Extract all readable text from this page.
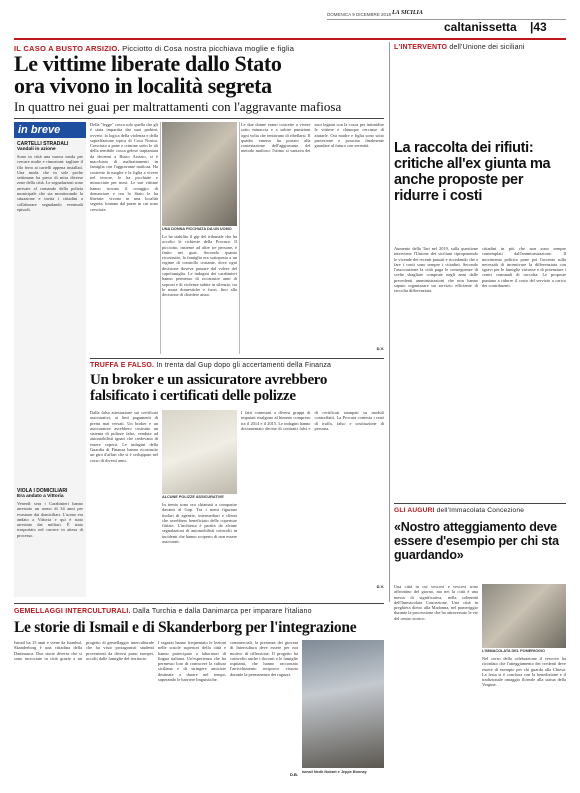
DOMENICA 9 DICEMBRE 2018 LA SICILIA
caltanissetta |43
IL CASO A BUSTO ARSIZIO. Picciotto di Cosa nostra picchiava moglie e figlia
Le vittime liberate dallo Stato
ora vivono in località segreta
In quattro nei guai per maltrattamenti con l'aggravante mafiosa
in breve
CARTELLI STRADALI
Vandali in azione
Sono in città una nuova moda per cercare multe e rimozioni: tagliare il filo ferro ai cartelli appena installati. Una moda che in sole poche settimane ha preso di mira diverse zone della città. Le segnalazioni sono arrivate al comando della polizia municipale che sta monitorando la situazione e invita i cittadini a collaborare segnalando eventuali episodi.
VIOLA I DOMICILIARI
Era andato a Vittoria
Venerdì sera i Carabinieri hanno arrestato un uomo di 34 anni per evasione dai domiciliari. L'uomo era andato a Vittoria e qui è stato arrestato dai militari. È stato trasportato nel carcere in attesa di processo.
Della "legge" cosca solo quella che gli è stata impartita dai suoi padrini, ovvero: la logica della violenza e della sopraffazione tipica di Cosa Nostra. Cresciuto a pane e crimine sotto le ali della temibile cosca gelese trapiantata da decenni a Busto Arsizio, si è macchiato di maltrattamenti in famiglia con l'aggravante mafiosa. Ha costretto la moglie e la figlia a vivere nel terrore, le ha picchiate e minacciate per mesi. Le sue vittime hanno trovato il coraggio di denunciare e ora lo Stato le ha liberate: vivono in una località segreta, lontano dal paese in cui sono cresciute.
UNA DONNA PICCHIATA DA UN UOMO
Lo ha stabilito il gip del tribunale che ha accolto le richieste della Procura. Il picciotto, insieme ad altre tre persone, è finito nei guai. Secondo quanto ricostruito, la famiglia era sottoposta a un regime di controllo costante, dove ogni decisione doveva passare dal volere del capofamiglia. Le indagini dei carabinieri hanno permesso di ricostruire anni di soprusi e di violenze subite in silenzio, tra le mura domestiche e fuori, fino alla decisione di chiedere aiuto.
Le due donne erano costrette a vivere sotto minaccia e a subire punizioni ogni volta che tentavano di ribellarsi. Il quadro emerso ha portato alla contestazione dell'aggravante del metodo mafioso: l'uomo si vantava dei suoi legami con la cosca per intimidire le vittime e chiunque cercasse di aiutarle. Ora madre e figlia sono sotto protezione e possono finalmente guardare al futuro con serenità.
D.V.
TRUFFA E FALSO. In trenta dal Gup dopo gli accertamenti della Finanza
Un broker e un assicuratore avrebbero
falsificato i certificati delle polizze
Dalla falsa attestazione sui certificati assicurativi, ai finti pagamenti di premi mai versati. Un broker e un assicuratore avrebbero costruito un sistema di polizze false, vendute ad automobilisti ignari che credevano di essere coperti. Le indagini della Guardia di Finanza hanno ricostruito un giro d'affari che si è sviluppato nel corso di diversi anni.
ALCUNE POLIZZE ASSICURATIVE
In trenta sono ora chiamati a comparire davanti al Gup. Tra i nomi figurano titolari di agenzie, intermediari e clienti che avrebbero beneficiato delle coperture fittizie. L'inchiesta è partita da alcune segnalazioni di automobilisti coinvolti in incidenti che hanno scoperto di non essere assicurati.
I fatti contestati a diversi gruppi di imputati risalgono al biennio compreso tra il 2014 e il 2015. Le indagini hanno documentato decine di contratti falsi e di certificati stampati su moduli contraffatti. La Procura contesta i reati di truffa, falso e sostituzione di persona.
D.V.
L'INTERVENTO dell'Unione dei siciliani
La raccolta dei rifiuti: critiche all'ex giunta ma anche proposte per ridurre i costi
Aumento della Tari nel 2019, sulla questione interviene l'Unione dei siciliani riproponendo le vicende dei recenti passati e ricordando che a fare i conti sono sempre i cittadini. Secondo l'associazione la città paga le conseguenze di scelte sbagliate compiute negli anni dalle precedenti amministrazioni che non hanno saputo organizzare un servizio efficiente di raccolta differenziata.
cittadini in più che non sono sempre contemplati dall'amministrazione. Il movimento politico pone poi l'accento sulla necessità di incentivare la differenziata con sgravi per le famiglie virtuose e di potenziare i centri comunali di raccolta. Le proposte puntano a ridurre il costo del servizio a carico dei contribuenti.
GLI AUGURI dell'Immacolata Concezione
«Nostro atteggiamento deve essere d'esempio per chi sta guardando»
Una città in cui vescovi e vescovi sono affrontino del giorno, ma nei la città è una messa di significativa, nella solennità dell'Immacolata Concezione. Una città in preghiera dietro alla Madonna, nel pomeriggio durante la processione che ha attraversato le vie del centro storico.
L'IMMACOLATA DEL POMERIGGIO
Nel corso della celebrazione il vescovo ha ricordato che l'atteggiamento dei credenti deve essere di esempio per chi guarda alla Chiesa. La festa si è conclusa con la benedizione e il tradizionale omaggio floreale alla statua della Vergine.
GEMELLAGGI INTERCULTURALI. Dalla Turchia e dalla Danimarca per imparare l'italiano
Le storie di Ismail e di Skanderborg per l'integrazione
Ismail ha 15 anni e viene da Istanbul, Skanderborg è una cittadina della Danimarca. Due storie diverse che si sono incrociate in città grazie a un progetto di gemellaggio interculturale che ha visto protagonisti studenti provenienti da diversi paesi europei, accolti dalle famiglie del territorio.
I ragazzi hanno frequentato le lezioni nelle scuole superiori della città e hanno partecipato a laboratori di lingua italiana. Un'esperienza che ha permesso loro di conoscere la cultura siciliana e di stringere amicizie destinate a durare nel tempo, superando le barriere linguistiche.
commerciali, la presenza dei giovani di Intercultura deve essere per noi motivo di riflessione. Il progetto ha coinvolto anche i docenti e le famiglie ospitanti, che hanno raccontato l'arricchimento reciproco vissuto durante la permanenza dei ragazzi.
D.B. Ismail Nedh Nobart e Jeppe Bonnay
